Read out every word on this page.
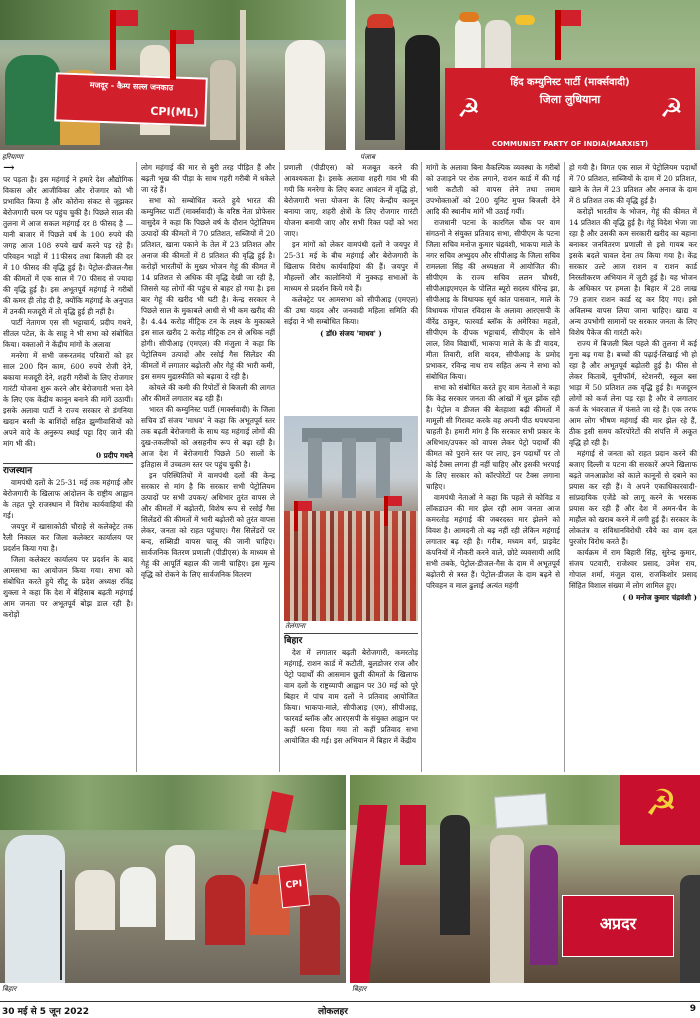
मजदूर - कैम्प सल्ल जनकाउ
CPI(ML)
हरियाणा
हिंद कम्युनिस्ट पार्टी (मार्क्सवादी)
जिला लुधियाना
☭	☭
COMMUNIST PARTY OF INDIA(MARXIST)
पंजाब
→

पर पड़ता है। इस महंगाई ने हमारे देश औद्योगिक विकास और आजीविका और रोजगार को भी प्रभावित किया है और कोरोना संकट से जूझकर बेरोजगारी चरम पर पहुंच चुकी है। पिछले साल की तुलना में आज सकल महंगाई दर 8 फीसद है — यानी बाजार में पिछले वर्ष के 100 रुपये की जगह आज 108 रुपये खर्च करने पड़ रहे हैं। परिवहन भाड़ों में 11फीसद तथा बिजली की दर में 10 फीसद की वृद्धि हुई है। पेट्रोल-डीजल-गैस की कीमतों में एक साल में 70 फीसद से ज्यादा की वृद्धि हुई है। इस अभूतपूर्व महंगाई ने गरीबों की कमर ही तोड़ दी है, क्योंकि महंगाई के अनुपात में उनकी मजदूरी में तो वृद्धि हुई ही नहीं है।

पार्टी नेतागण एस सी भट्टाचार्य, प्रदीप गथने, सीतल पटेल, के के साहू ने भी सभा को संबोधित किया। वक्ताओं ने केंद्रीय मांगों के अलावा

मनरेगा में सभी जरूरतमंद परिवारों को हर साल 200 दिन काम, 600 रुपये रोजी देने, बकाया मजदूरी देने, शहरी गरीबों के लिए रोजगार गारंटी योजना शुरू करने और बेरोजगारी भत्ता देने के लिए एक केंद्रीय कानून बनाने की मांगें उठायीं। इसके अलावा पार्टी ने राज्य सरकार से डंगनिया खदान बस्ती के बाशिंदों सहित झुग्गीवासियों को अपने वादे के अनुरूप स्थाई पट्टा दिए जाने की मांग भी की।

0 प्रदीप गथने
राजस्थान

वामपंथी दलों के 25-31 मई तक महंगाई और बेरोजगारी के खिलाफ आंदोलन के राष्ट्रीय आह्वान के तहत पूरे राजस्थान में विरोध कार्यवाहियां की गई।

जयपुर में खासाकोठी चौराहे से कलेक्ट्रेट तक रैली निकाल कर जिला कलेक्टर कार्यालय पर प्रदर्शन किया गया है।

जिला कलेक्टर कार्यालय पर प्रदर्शन के बाद आमसभा का आयोजन किया गया। सभा को संबोधित करते हुये सीटू के प्रदेश अध्यक्ष रविंद्र शुक्ला ने कहा कि देश में बेहिसाब बढ़ती महंगाई आम जनता पर अभूतपूर्व बोझ डाल रही है। करोड़ों

लोग महंगाई की मार से बुरी तरह पीड़ित हैं और बढ़ती भूख की पीड़ा के साथ गहरी गरीबी में धकेले जा रहे हैं।

सभा को सम्बोधित करते हुये भारत की कम्युनिस्ट पार्टी (मार्क्सवादी) के वरिष्ठ नेता प्रोफेसर वासुदेव ने कहा कि पिछले वर्ष के दौरान पेट्रोलियम उत्पादों की कीमतों में 70 प्रतिशत, सब्जियों में 20 प्रतिशत, खाना पकाने के तेल में 23 प्रतिशत और अनाज की कीमतों में 8 प्रतिशत की वृद्धि हुई है। करोड़ों भारतीयों के मुख्य भोजन गेहूं की कीमत में 14 प्रतिशत से अधिक की वृद्धि देखी जा रही है, जिससे यह लोगों की पहुंच से बाहर हो गया है। इस बार गेहूं की खरीद भी घटी है। केन्द्र सरकार ने पिछले साल के मुकाबले आधी से भी कम खरीद की है। 4.44 करोड़ मीट्रिक टन के लक्ष्य के मुकाबले इस साल खरीद 2 करोड़ मीट्रिक टन से अधिक नहीं होगी। सीपीआइ (एमएल) की मंजुला ने कहा कि पेट्रोलियम उत्पादों और रसोई गैस सिलेंडर की कीमतों में लगातार बढ़ोतरी और गेहूं की भारी कमी, इस समय मुद्रास्फीति को बढ़ावा दे रही है।

कोयले की कमी की रिपोर्टों से बिजली की लागत और कीमतें लगातार बढ़ रही हैं।

भारत की कम्युनिस्ट पार्टी (मार्क्सवादी) के जिला सचिव डॉ संजय 'माधव' ने कहा कि अभूतपूर्व स्तर तक बढ़ती बेरोजगारी के साथ यह महंगाई लोगों की दुख-तकलीफों को असहनीय रूप से बढ़ा रही है। आज देश में बेरोजगारी पिछले 50 सालों के इतिहास में उच्चतम स्तर पर पहुंच चुकी है।

इन परिस्थितियों में वामपंथी दलों की केन्द्र सरकार से मांग है कि सरकार सभी पेट्रोलियम उत्पादों पर सभी उपकर/ अधिभार तुरंत वापस ले और कीमतों में बढ़ोतरी, विशेष रूप से रसोई गैस सिलेंडरों की कीमतों में भारी बढ़ोतरी को तुरंत वापस लेकर, जनता को राहत पहुंचाए। गैस सिलेंडरों पर बन्द, सब्सिडी वापस चालू की जानी चाहिए। सार्वजनिक वितरण प्रणाली (पीडीएस) के माध्यम से गेहूं की आपूर्ति बहाल की जानी चाहिए। इस मूल्य वृद्धि को रोकने के लिए सार्वजनिक वितरण

प्रणाली (पीडीएस) को मजबूत करने की आवश्यकता है। इसके अलावा शहरी गांव भी की गयी कि मनरेगा के लिए बजट आवंटन में वृद्धि हो, बेरोजगारी भत्ता योजना के लिए केन्द्रीय कानून बनाया जाए, शहरी क्षेत्रों के लिए रोजगार गारंटी योजना बनायी जाए और सभी रिक्त पदों को भरा जाए।

इन मांगों को लेकर वामपंथी दलों ने जयपुर में 25-31 मई के बीच महंगाई और बेरोजगारी के खिलाफ विरोध कार्यवाहियां की हैं। जयपुर में मौहल्लों और कालोनियों में नुक्कड़ सभाओं के माध्यम से प्रदर्शन किये गये हैं।

कलेक्ट्रेट पर आमसभा को सीपीआइ (एमएल) की उषा यादव और जनवादी महिला समिति की सईदा ने भी सम्बोधित किया।

( डॉ0 संजय 'माधव' )
तेलंगाना
बिहार

देश में लगातार बढ़ती बेरोजगारी, कमरतोड़ महंगाई, राशन कार्ड में कटौती, बुलडोजर राज और पेट्रो पदार्थों की आसमान छूती कीमतों के खिलाफ वाम दलों के राष्ट्रव्यापी आह्वान पर 30 मई को पूरे बिहार में पांच वाम दलों ने प्रतिवाद आयोजित किया। भाकपा-माले, सीपीआइ (एम), सीपीआइ, फारवर्ड ब्लॉक और आरएसपी के संयुक्त आह्वान पर कहीं धरना दिया गया तो कहीं प्रतिवाद सभा आयोजित की गई। इस अभियान में बिहार में केंद्रीय

मांगों के अलावा बिना वैकल्पिक व्यवस्था के गरीबों को उजाड़ने पर रोक लगाने, राशन कार्ड में की गई भारी कटौती को वापस लेने तथा तमाम उपभोक्ताओं को 200 यूनिट मुफ्त बिजली देने आदि की स्थानीय मांगें भी उठाई गयीं।

राजधानी पटना के कारगिल चौक पर वाम संगठनों ने संयुक्त प्रतिवाद सभा, सीपीएम के पटना जिला सचिव मनोज कुमार चंद्रवंशी, भाकपा माले के नगर सचिव अभ्युदय और सीपीआइ के जिला सचिव रामलला सिंह की अध्यक्षता में आयोजित की। सीपीएम के राज्य सचिव ललन चौधरी, सीपीआइएमएल के पोलित ब्यूरो सदस्य धीरेन्द्र झा, सीपीआइ के विधायक सूर्य कांत पासवान, माले के विधायक गोपाल रविदास के अलावा आरएसपी के वीरेंद्र ठाकुर, फारवर्ड ब्लॉक के अमेरिका महतो, सीपीएम के दीपक भट्टाचार्य, सीपीएम के सोने लाल, शिव विद्यार्थी, भाकपा माले के के डी यादव, मीता तिवारी, शशि यादव, सीपीआइ के प्रमोद प्रभाकर, रविन्द्र नाथ राय सहित अन्य ने सभा को संबोधित किया।

सभा को संबोधित करते हुए वाम नेताओं ने कहा कि केंद्र सरकार जनता की आंखों में धूल झोंक रही है। पेट्रोल व डीजल की बेतहाशा बढ़ी कीमतों में मामूली सी गिरावट करके वह अपनी पीठ थपथपाना चाहती है। हमारी मांग है कि सरकार सभी प्रकार के अधिभार/उपकर को वापस लेकर पेट्रो पदार्थों की कीमत को पुराने स्तर पर लाए, इन पदार्थों पर तो कोई टैक्स लगना ही नहीं चाहिए और इसकी भरपाई के लिए सरकार को कॉरपोरेटों पर टैक्स लगाना चाहिए।

वामपंथी नेताओं ने कहा कि पहले से कोविड व लॉकडाउन की मार झेल रही आम जनता आज कमरतोड़ महंगाई की जबरदस्त मार झेलने को विवश है। आमदनी तो बढ़ नहीं रही लेकिन महंगाई लगातार बढ़ रही है। गरीब, मध्यम वर्ग, प्राइवेट कंपनियों में नौकरी करने वाले, छोटे व्यवसायी आदि सभी तबके, पेट्रोल-डीजल-गैस के दाम में अभूतपूर्व बढ़ोतरी से त्रस्त हैं। पेट्रोल-डीजल के दाम बढ़ने से परिवहन व माल ढुलाई अत्यंत महंगी

हो गयी है। विगत एक साल में पेट्रोलियम पदार्थों में 70 प्रतिशत, सब्जियों के दाम में 20 प्रतिशत, खाने के तेल में 23 प्रतिशत और अनाज के दाम में 8 प्रतिशत तक की वृद्धि हुई है।

करोड़ों भारतीय के भोजन, गेहूं की कीमत में 14 प्रतिशत की वृद्धि हुई है। गेहूं विदेश भेजा जा रहा है और उसकी कम सरकारी खरीद का बहाना बनाकर जनवितरण प्रणाली से इसे गायब कर इसके बदले चावल देना तय किया गया है। केंद्र सरकार उल्टे आज राशन व राशन कार्ड निरस्तीकरण अभियान में जुटी हुई है। यह भोजन के अधिकार पर हमला है। बिहार में 28 लाख 79 हजार राशन कार्ड रद्द कर दिए गए। इसे अविलम्ब वापस लिया जाना चाहिए। खाद्य व अन्य उपभोगी सामानों पर सरकार जनता के लिए विशेष पैकेज की गारंटी करे।

राज्य में बिजली बिल पहले की तुलना में कई गुना बढ़ गया है। बच्चों की पढ़ाई-लिखाई भी हो रहा है और अभूतपूर्व बढ़ोतरी हुई है। फीस से लेकर किताबें, यूनीफॉर्म, स्टेशनरी, स्कूल बस भाड़ा में 50 प्रतिशत तक वृद्धि हुई है। मजदूरन लोगों को कर्ज लेना पड़ रहा है और वे लगातार कर्ज के भंवरजाल में फंसते जा रहे हैं। एक तरफ आम लोग भीषण महंगाई की मार झेल रहे हैं, ठीक इसी समय कॉरपोरेटों की संपत्ति में अकूत वृद्धि हो रही है।

महंगाई से जनता को राहत प्रदान करने की बजाए दिल्ली व पटना की सरकारें अपने खिलाफ बढ़ते जनआक्रोश को काले कानूनों से दबाने का प्रयास कर रही हैं। वे अपने एकाधिकारवादी-सांप्रदायिक एजेंडे को लागू करने के भरसक प्रयास कर रही हैं और देश में अमन-चैन के माहौल को खराब करने में लगी हुई हैं। सरकार के लोकतंत्र व संविधानविरोधी रवैये का वाम दल पुरजोर विरोध करते हैं।

कार्यक्रम में राम बिहारी सिंह, सुरेन्द्र कुमार, संजय पटवारी, राजेश्वर प्रसाद, उमेश राय, गोपाल शर्मा, मंजुल दास, राजकिशोर प्रसाद सिंहित विशाल संख्या में लोग शामिल हुए।

( 0 मनोज कुमार चंद्रवंशी )
CPI
बिहार
☭
अप्रदर
बिहार
30 मई से 5 जून 2022	लोकलहर	9
